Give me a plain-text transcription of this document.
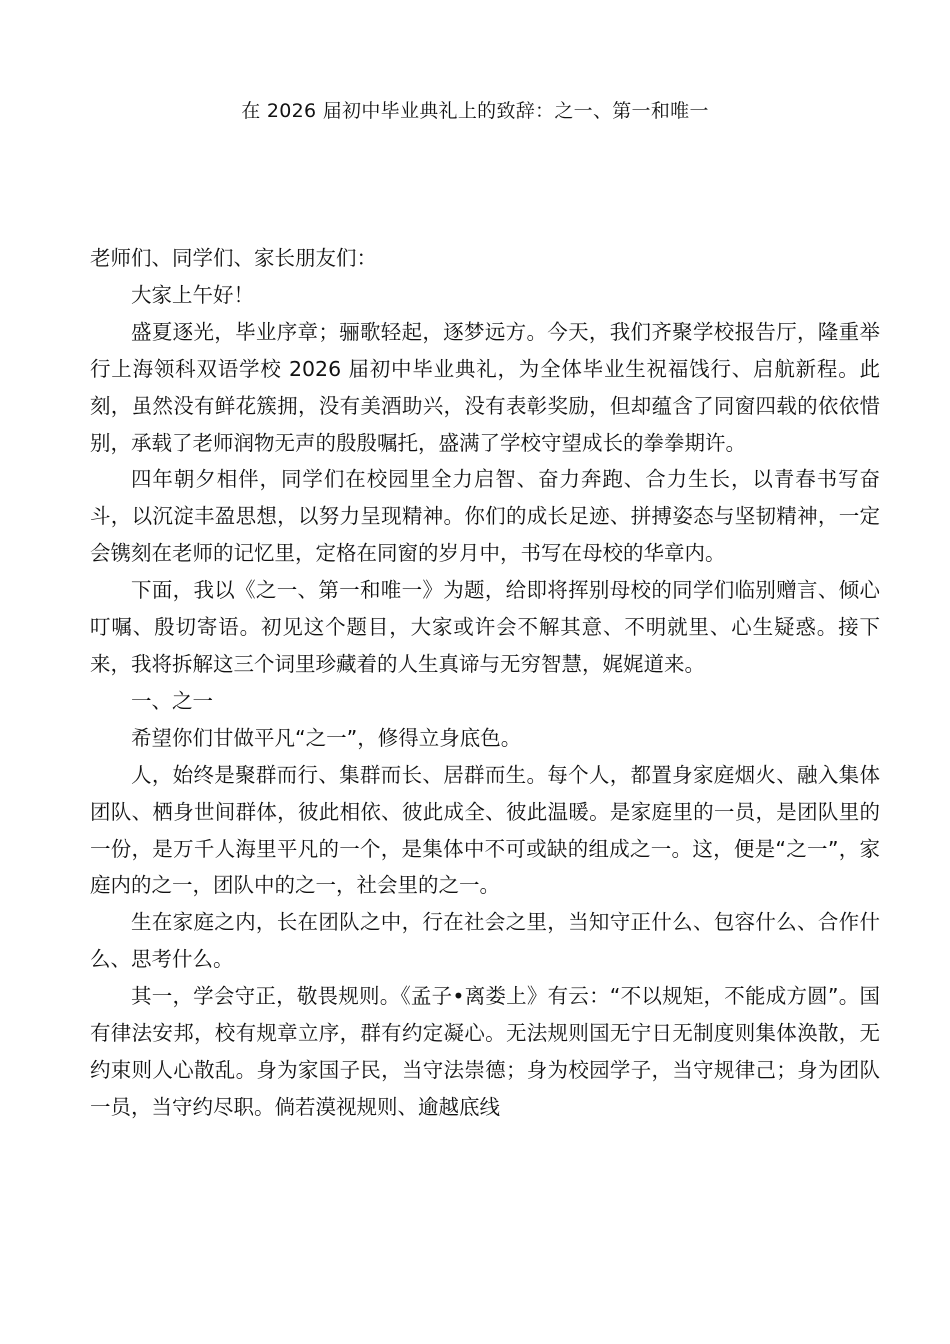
在 2026 届初中毕业典礼上的致辞：之一、第一和唯一

老师们、同学们、家长朋友们：

大家上午好！

盛夏逐光，毕业序章；骊歌轻起，逐梦远方。今天，我们齐聚学校报告厅，隆重举行上海领科双语学校 2026 届初中毕业典礼，为全体毕业生祝福饯行、启航新程。此刻，虽然没有鲜花簇拥，没有美酒助兴，没有表彰奖励，但却蕴含了同窗四载的依依惜别，承载了老师润物无声的殷殷嘱托，盛满了学校守望成长的拳拳期许。

四年朝夕相伴，同学们在校园里全力启智、奋力奔跑、合力生长，以青春书写奋斗，以沉淀丰盈思想，以努力呈现精神。你们的成长足迹、拼搏姿态与坚韧精神，一定会镌刻在老师的记忆里，定格在同窗的岁月中，书写在母校的华章内。

下面，我以《之一、第一和唯一》为题，给即将挥别母校的同学们临别赠言、倾心叮嘱、殷切寄语。初见这个题目，大家或许会不解其意、不明就里、心生疑惑。接下来，我将拆解这三个词里珍藏着的人生真谛与无穷智慧，娓娓道来。

一、之一

希望你们甘做平凡“之一”，修得立身底色。

人，始终是聚群而行、集群而长、居群而生。每个人，都置身家庭烟火、融入集体团队、栖身世间群体，彼此相依、彼此成全、彼此温暖。是家庭里的一员，是团队里的一份，是万千人海里平凡的一个，是集体中不可或缺的组成之一。这，便是“之一”，家庭内的之一，团队中的之一，社会里的之一。

生在家庭之内，长在团队之中，行在社会之里，当知守正什么、包容什么、合作什么、思考什么。

其一，学会守正，敬畏规则。《孟子•离娄上》有云：“不以规矩，不能成方圆”。国有律法安邦，校有规章立序，群有约定凝心。无法规则国无宁日无制度则集体涣散，无约束则人心散乱。身为家国子民，当守法崇德；身为校园学子，当守规律己；身为团队一员，当守约尽职。倘若漠视规则、逾越底线
